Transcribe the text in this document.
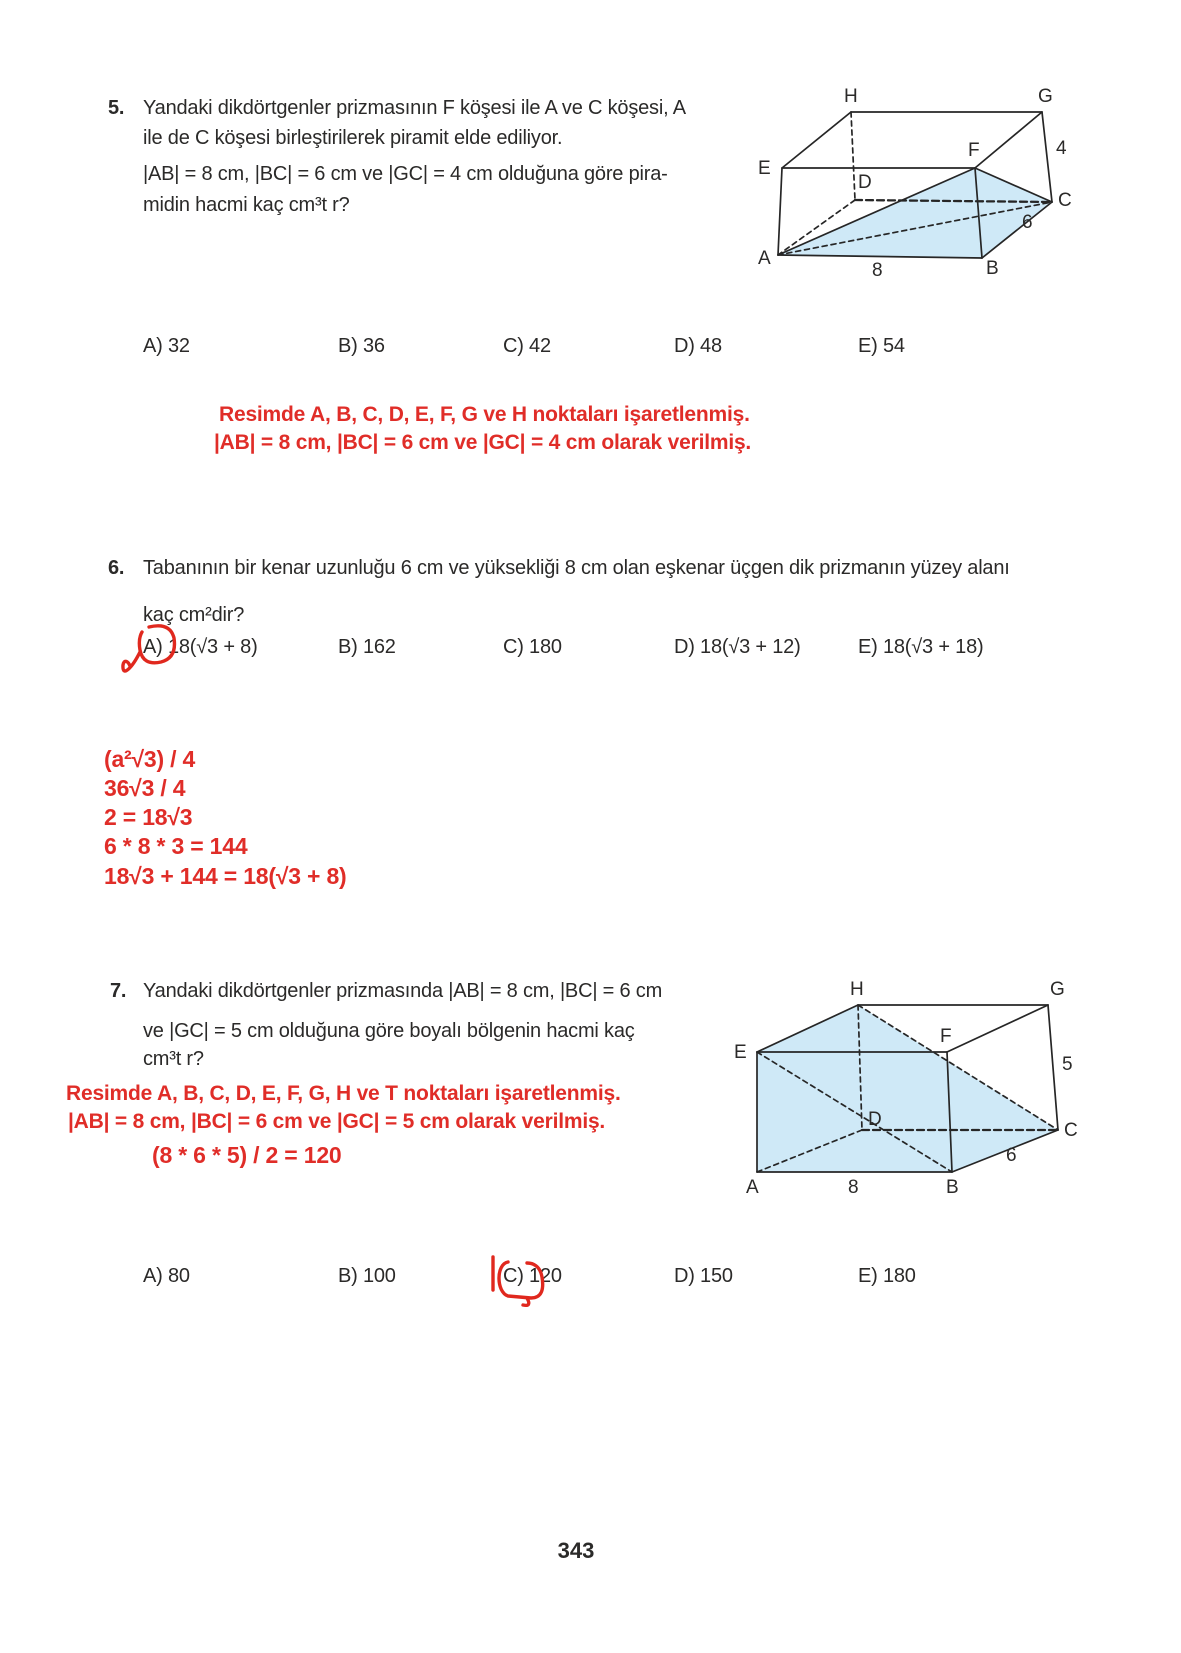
5. Yandaki dikdörtgenler prizmasının F köşesi ile A ve C köşesi, A
ile de C köşesi birleştirilerek piramit elde ediliyor.
|AB| = 8 cm, |BC| = 6 cm ve |GC| = 4 cm olduğuna göre pira-
midin hacmi kaç cm³t r?
H	G
E
F
D
C
A	B
4
6
8
A) 32	B) 36	C) 42	D) 48	E) 54
Resimde A, B, C, D, E, F, G ve H noktaları işaretlenmiş.
|AB| = 8 cm, |BC| = 6 cm ve |GC| = 4 cm olarak verilmiş.
6. Tabanının bir kenar uzunluğu 6 cm ve yüksekliği 8 cm olan eşkenar üçgen dik prizmanın yüzey alanı
kaç cm²dir?
A) 18(√3 + 8)	B) 162	C) 180	D) 18(√3 + 12)	E) 18(√3 + 18)
(a²√3) / 4
36√3 / 4
2 = 18√3
6 * 8 * 3 = 144
18√3 + 144 = 18(√3 + 8)
7. Yandaki dikdörtgenler prizmasında |AB| = 8 cm, |BC| = 6 cm
ve |GC| = 5 cm olduğuna göre boyalı bölgenin hacmi kaç
cm³t r?
Resimde A, B, C, D, E, F, G, H ve T noktaları işaretlenmiş.
|AB| = 8 cm, |BC| = 6 cm ve |GC| = 5 cm olarak verilmiş.
(8 * 6 * 5) / 2 = 120
H	G
E
F
D
C
A	B
5
6
8
A) 80	B) 100	C) 120	D) 150	E) 180
343
